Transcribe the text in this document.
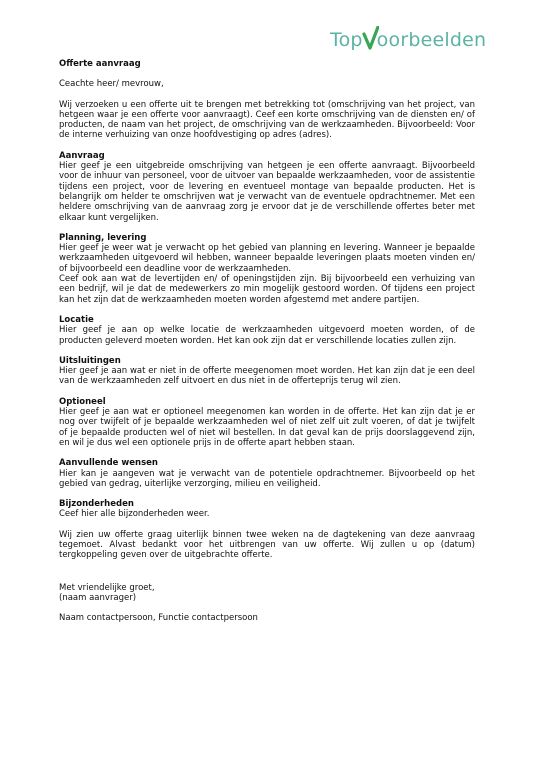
Top oorbeelden

Offerte aanvraag

Ceachte heer/ mevrouw,

Wij verzoeken u een offerte uit te brengen met betrekking tot (omschrijving van het project, van hetgeen waar je een offerte voor aanvraagt). Ceef een korte omschrijving van de diensten en/ of producten, de naam van het project, de omschrijving van de werkzaamheden. Bijvoorbeeld: Voor de interne verhuizing van onze hoofdvestiging op adres (adres).

Aanvraag

Hier geef je een uitgebreide omschrijving van hetgeen je een offerte aanvraagt. Bijvoorbeeld voor de inhuur van personeel, voor de uitvoer van bepaalde werkzaamheden, voor de assistentie tijdens een project, voor de levering en eventueel montage van bepaalde producten. Het is belangrijk om helder te omschrijven wat je verwacht van de eventuele opdrachtnemer. Met een heldere omschrijving van de aanvraag zorg je ervoor dat je de verschillende offertes beter met elkaar kunt vergelijken.

Planning, levering

Hier geef je weer wat je verwacht op het gebied van planning en levering. Wanneer je bepaalde werkzaamheden uitgevoerd wil hebben, wanneer bepaalde leveringen plaats moeten vinden en/ of bijvoorbeeld een deadline voor de werkzaamheden.

Ceef ook aan wat de levertijden en/ of openingstijden zijn. Bij bijvoorbeeld een verhuizing van een bedrijf, wil je dat de medewerkers zo min mogelijk gestoord worden. Of tijdens een project kan het zijn dat de werkzaamheden moeten worden afgestemd met andere partijen.

Locatie

Hier geef je aan op welke locatie de werkzaamheden uitgevoerd moeten worden, of de producten geleverd moeten worden. Het kan ook zijn dat er verschillende locaties zullen zijn.

Uitsluitingen

Hier geef je aan wat er niet in de offerte meegenomen moet worden. Het kan zijn dat je een deel van de werkzaamheden zelf uitvoert en dus niet in de offerteprijs terug wil zien.

Optioneel

Hier geef je aan wat er optioneel meegenomen kan worden in de offerte. Het kan zijn dat je er nog over twijfelt of je bepaalde werkzaamheden wel of niet zelf uit zult voeren, of dat je twijfelt of je bepaalde producten wel of niet wil bestellen. In dat geval kan de prijs doorslaggevend zijn, en wil je dus wel een optionele prijs in de offerte apart hebben staan.

Aanvullende wensen

Hier kan je aangeven wat je verwacht van de potentiele opdrachtnemer. Bijvoorbeeld op het gebied van gedrag, uiterlijke verzorging, milieu en veiligheid.

Bijzonderheden

Ceef hier alle bijzonderheden weer.

Wij zien uw offerte graag uiterlijk binnen twee weken na de dagtekening van deze aanvraag tegemoet. Alvast bedankt voor het uitbrengen van uw offerte. Wij zullen u op (datum) tergkoppeling geven over de uitgebrachte offerte.

Met vriendelijke groet,

(naam aanvrager)

Naam contactpersoon, Functie contactpersoon
